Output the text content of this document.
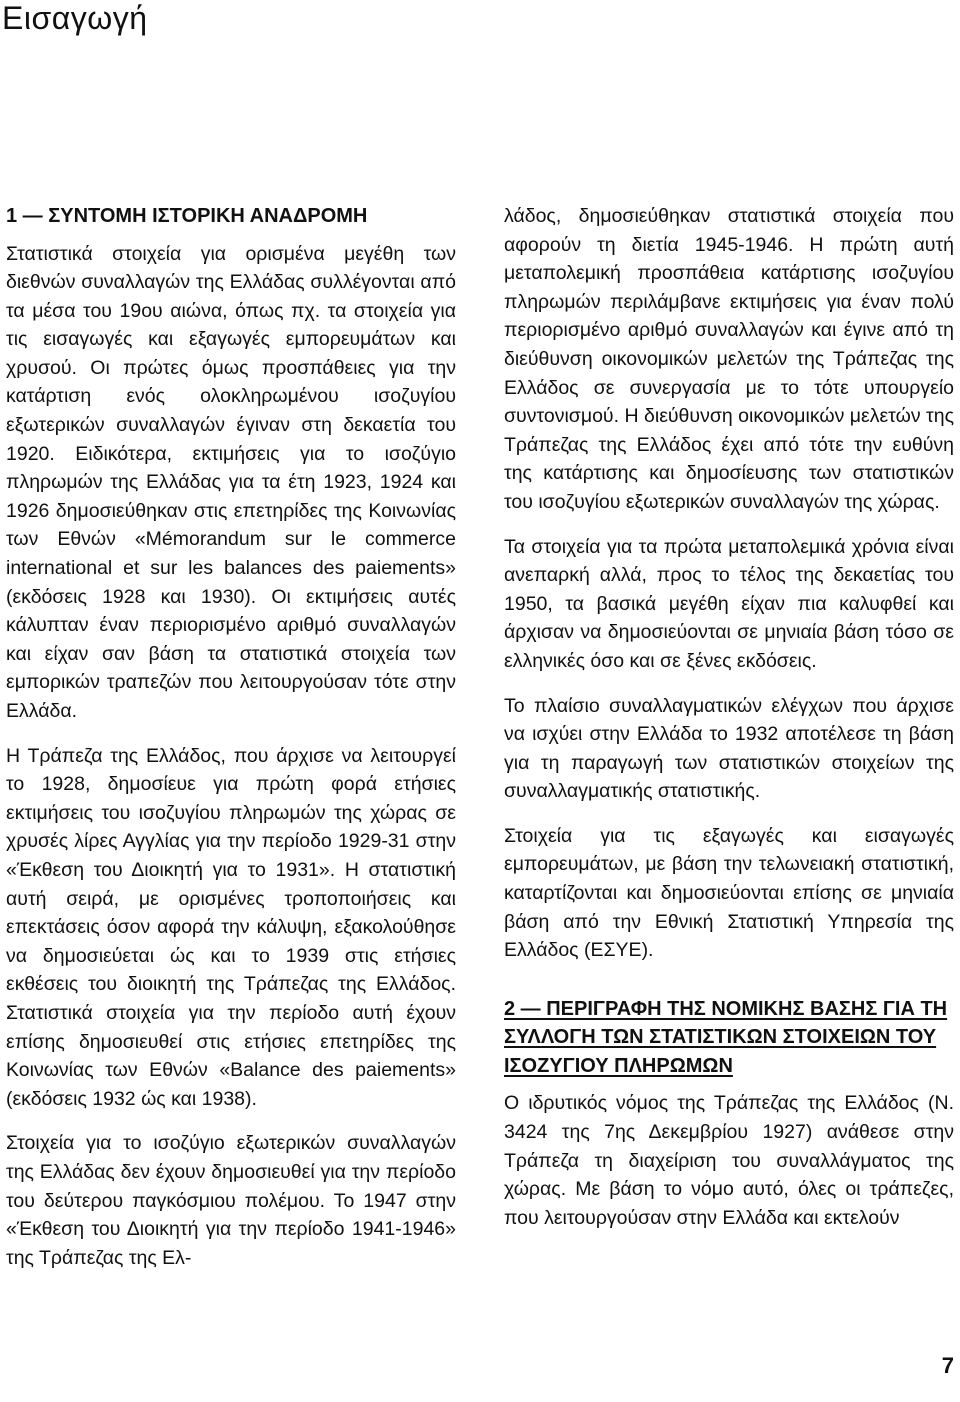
Εισαγωγή
1 — ΣΥΝΤΟΜΗ ΙΣΤΟΡΙΚΗ ΑΝΑΔΡΟΜΗ

Στατιστικά στοιχεία για ορισμένα μεγέθη των διεθνών συναλλαγών της Ελλάδας συλλέγονται από τα μέσα του 19ου αιώνα, όπως πχ. τα στοιχεία για τις εισαγωγές και εξαγωγές εμπορευμάτων και χρυσού. Οι πρώτες όμως προσπάθειες για την κατάρτιση ενός ολοκληρωμένου ισοζυγίου εξωτερικών συναλλαγών έγιναν στη δεκαετία του 1920. Ειδικότερα, εκτιμήσεις για το ισοζύγιο πληρωμών της Ελλάδας για τα έτη 1923, 1924 και 1926 δημοσιεύθηκαν στις επετηρίδες της Κοινωνίας των Εθνών «Mémorandum sur le commerce international et sur les balances des paiements» (εκδόσεις 1928 και 1930). Οι εκτιμήσεις αυτές κάλυπταν έναν περιορισμένο αριθμό συναλλαγών και είχαν σαν βάση τα στατιστικά στοιχεία των εμπορικών τραπεζών που λειτουργούσαν τότε στην Ελλάδα.

Η Τράπεζα της Ελλάδος, που άρχισε να λειτουργεί το 1928, δημοσίευε για πρώτη φορά ετήσιες εκτιμήσεις του ισοζυγίου πληρωμών της χώρας σε χρυσές λίρες Αγγλίας για την περίοδο 1929-31 στην «Έκθεση του Διοικητή για το 1931». Η στατιστική αυτή σειρά, με ορισμένες τροποποιήσεις και επεκτάσεις όσον αφορά την κάλυψη, εξακολούθησε να δημοσιεύεται ώς και το 1939 στις ετήσιες εκθέσεις του διοικητή της Τράπεζας της Ελλάδος. Στατιστικά στοιχεία για την περίοδο αυτή έχουν επίσης δημοσιευθεί στις ετήσιες επετηρίδες της Κοινωνίας των Εθνών «Balance des paiements» (εκδόσεις 1932 ώς και 1938).

Στοιχεία για το ισοζύγιο εξωτερικών συναλλαγών της Ελλάδας δεν έχουν δημοσιευθεί για την περίοδο του δεύτερου παγκόσμιου πολέμου. Το 1947 στην «Έκθεση του Διοικητή για την περίοδο 1941-1946» της Τράπεζας της Ελ-

λάδος, δημοσιεύθηκαν στατιστικά στοιχεία που αφορούν τη διετία 1945-1946. Η πρώτη αυτή μεταπολεμική προσπάθεια κατάρτισης ισοζυγίου πληρωμών περιλάμβανε εκτιμήσεις για έναν πολύ περιορισμένο αριθμό συναλλαγών και έγινε από τη διεύθυνση οικονομικών μελετών της Τράπεζας της Ελλάδος σε συνεργασία με το τότε υπουργείο συντονισμού. Η διεύθυνση οικονομικών μελετών της Τράπεζας της Ελλάδος έχει από τότε την ευθύνη της κατάρτισης και δημοσίευσης των στατιστικών του ισοζυγίου εξωτερικών συναλλαγών της χώρας.

Τα στοιχεία για τα πρώτα μεταπολεμικά χρόνια είναι ανεπαρκή αλλά, προς το τέλος της δεκαετίας του 1950, τα βασικά μεγέθη είχαν πια καλυφθεί και άρχισαν να δημοσιεύονται σε μηνιαία βάση τόσο σε ελληνικές όσο και σε ξένες εκδόσεις.

Το πλαίσιο συναλλαγματικών ελέγχων που άρχισε να ισχύει στην Ελλάδα το 1932 αποτέλεσε τη βάση για τη παραγωγή των στατιστικών στοιχείων της συναλλαγματικής στατιστικής.

Στοιχεία για τις εξαγωγές και εισαγωγές εμπορευμάτων, με βάση την τελωνειακή στατιστική, καταρτίζονται και δημοσιεύονται επίσης σε μηνιαία βάση από την Εθνική Στατιστική Υπηρεσία της Ελλάδος (ΕΣΥΕ).

2 — ΠΕΡΙΓΡΑΦΗ ΤΗΣ ΝΟΜΙΚΗΣ ΒΑΣΗΣ ΓΙΑ ΤΗ ΣΥΛΛΟΓΗ ΤΩΝ ΣΤΑΤΙΣΤΙΚΩΝ ΣΤΟΙΧΕΙΩΝ ΤΟΥ ΙΣΟΖΥΓΙΟΥ ΠΛΗΡΩΜΩΝ

Ο ιδρυτικός νόμος της Τράπεζας της Ελλάδος (Ν. 3424 της 7ης Δεκεμβρίου 1927) ανάθεσε στην Τράπεζα τη διαχείριση του συναλλάγματος της χώρας. Με βάση το νόμο αυτό, όλες οι τράπεζες, που λειτουργούσαν στην Ελλάδα και εκτελούν

7
